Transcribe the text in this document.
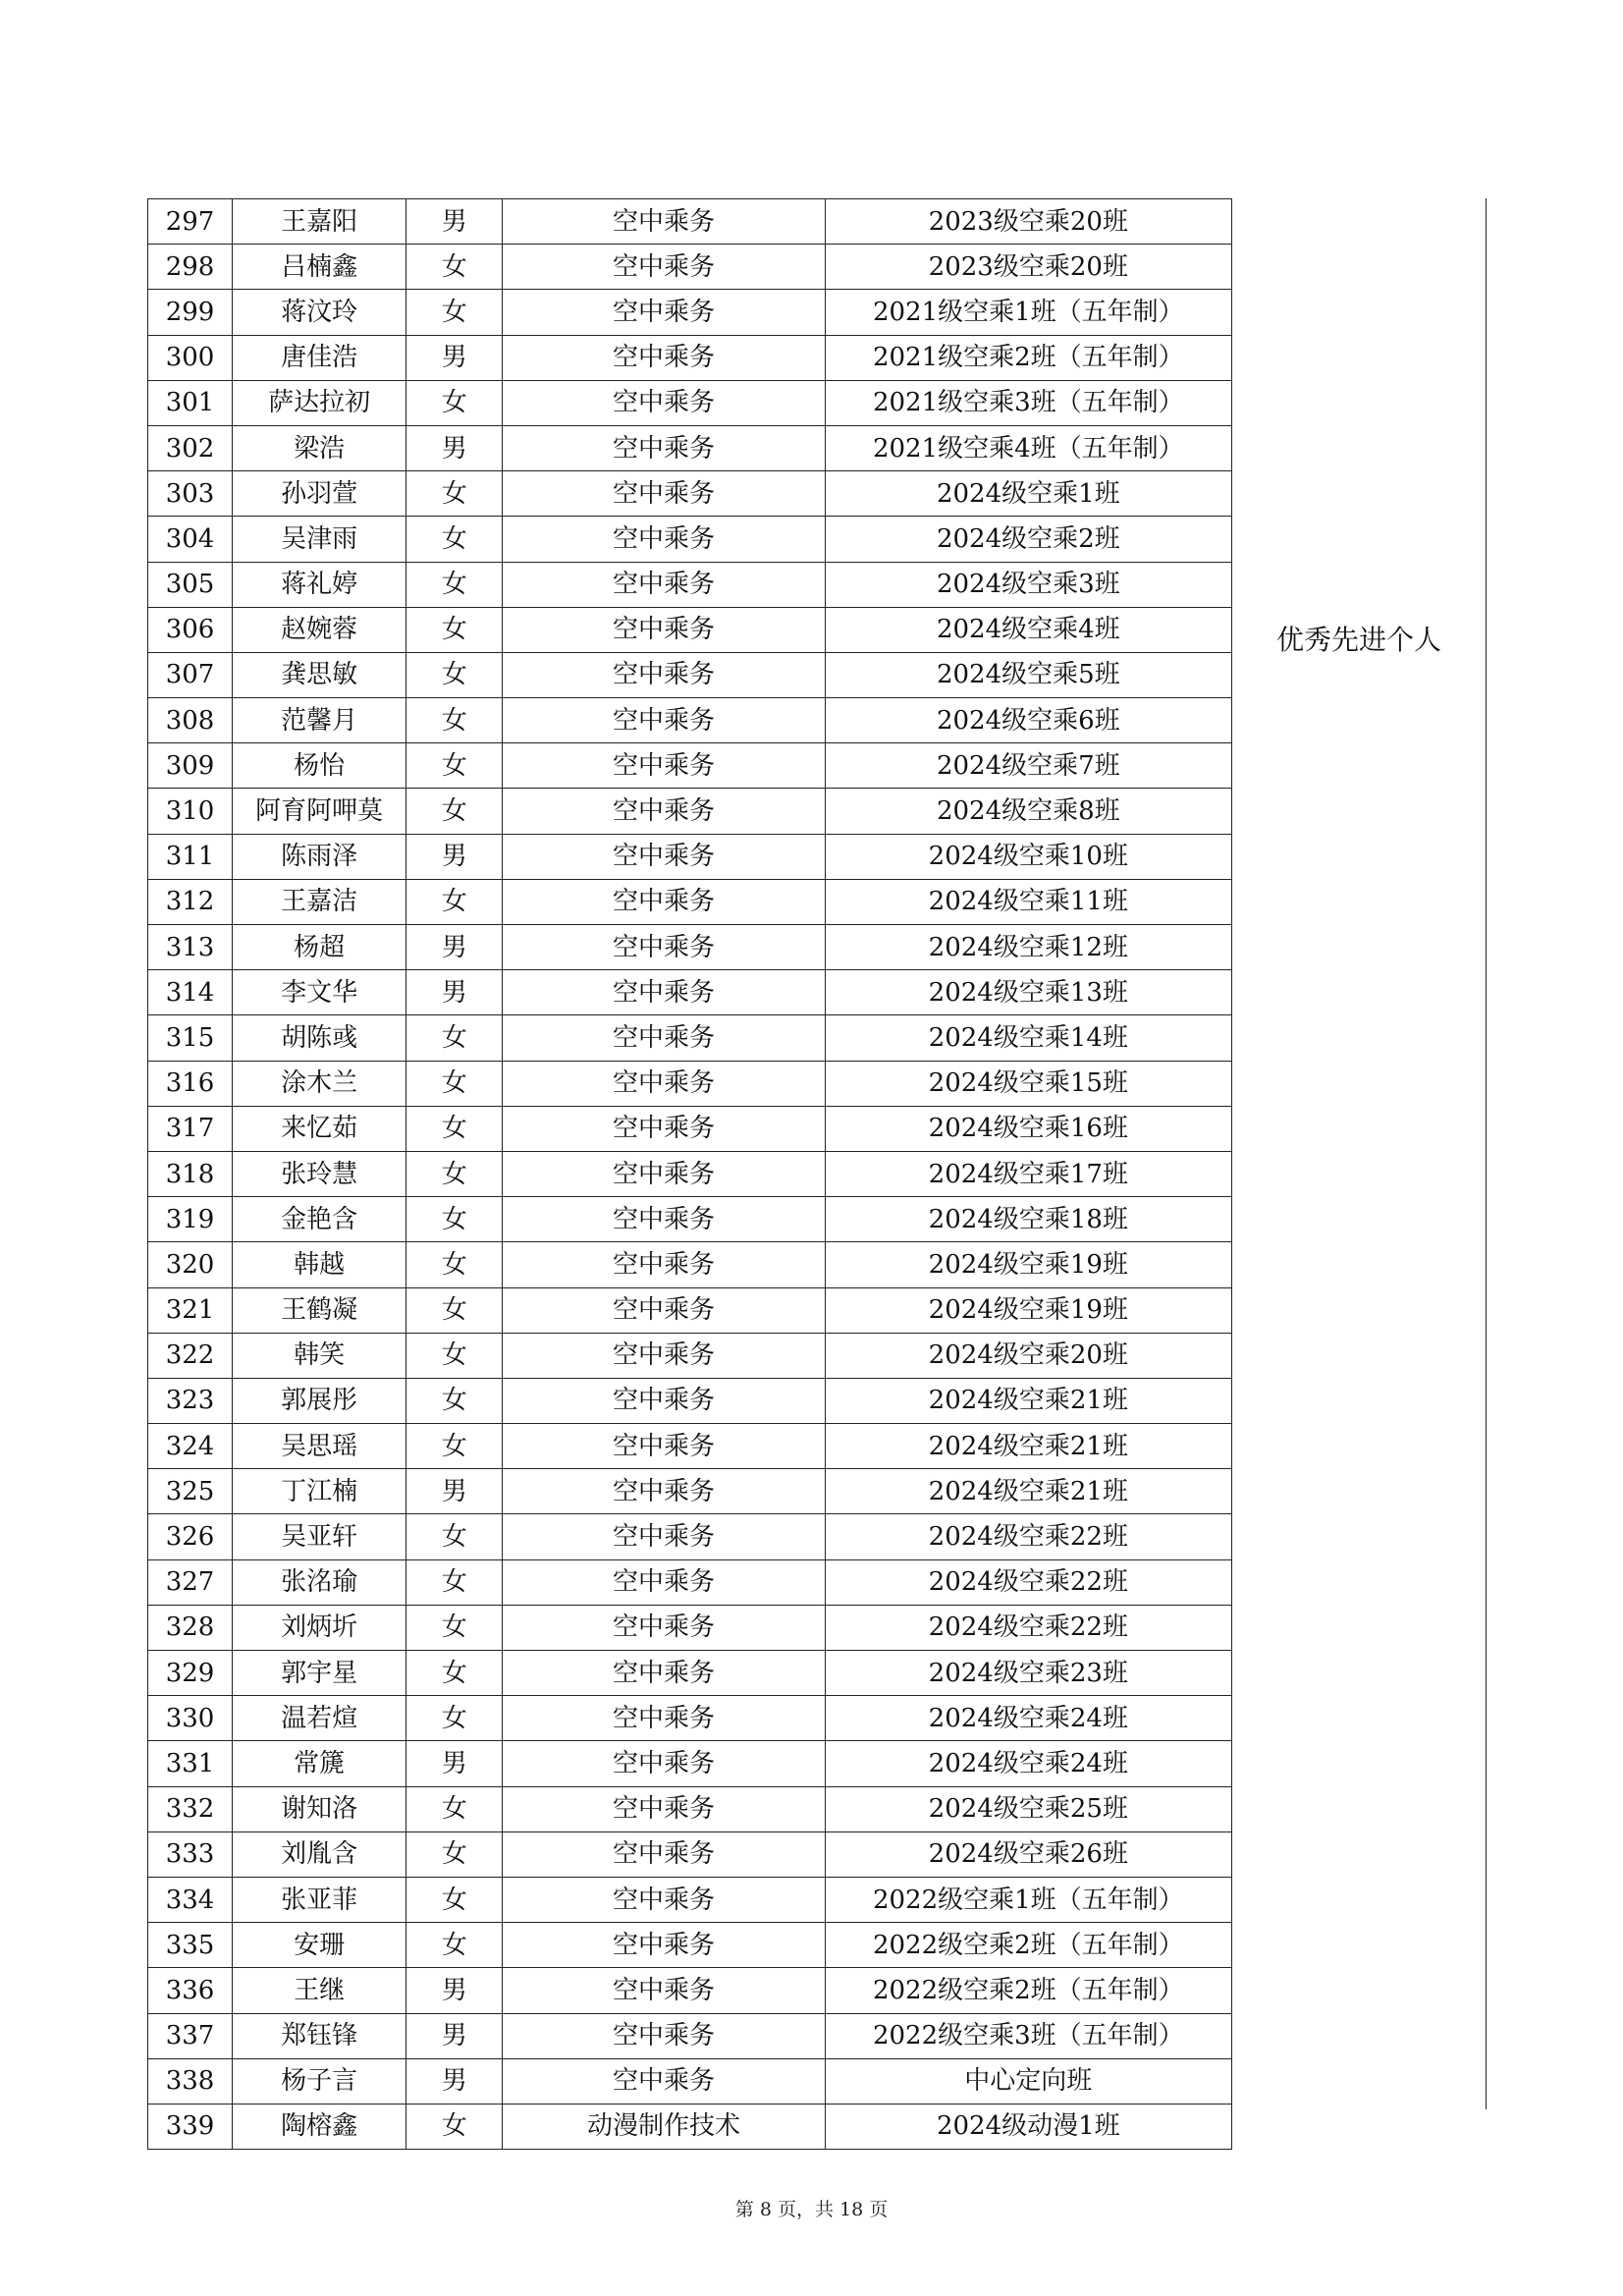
297	王嘉阳	男	空中乘务	2023级空乘20班
298	吕楠鑫	女	空中乘务	2023级空乘20班
299	蒋汶玲	女	空中乘务	2021级空乘1班（五年制）
300	唐佳浩	男	空中乘务	2021级空乘2班（五年制）
301	萨达拉初	女	空中乘务	2021级空乘3班（五年制）
302	梁浩	男	空中乘务	2021级空乘4班（五年制）
303	孙羽萱	女	空中乘务	2024级空乘1班
304	吴津雨	女	空中乘务	2024级空乘2班
305	蒋礼婷	女	空中乘务	2024级空乘3班
306	赵婉蓉	女	空中乘务	2024级空乘4班
307	龚思敏	女	空中乘务	2024级空乘5班
308	范馨月	女	空中乘务	2024级空乘6班
309	杨怡	女	空中乘务	2024级空乘7班
310	阿育阿呷莫	女	空中乘务	2024级空乘8班
311	陈雨泽	男	空中乘务	2024级空乘10班
312	王嘉洁	女	空中乘务	2024级空乘11班
313	杨超	男	空中乘务	2024级空乘12班
314	李文华	男	空中乘务	2024级空乘13班
315	胡陈彧	女	空中乘务	2024级空乘14班
316	涂木兰	女	空中乘务	2024级空乘15班
317	来忆茹	女	空中乘务	2024级空乘16班
318	张玲慧	女	空中乘务	2024级空乘17班
319	金艳含	女	空中乘务	2024级空乘18班
320	韩越	女	空中乘务	2024级空乘19班
321	王鹤凝	女	空中乘务	2024级空乘19班
322	韩笑	女	空中乘务	2024级空乘20班
323	郭展彤	女	空中乘务	2024级空乘21班
324	吴思瑶	女	空中乘务	2024级空乘21班
325	丁江楠	男	空中乘务	2024级空乘21班
326	吴亚轩	女	空中乘务	2024级空乘22班
327	张洺瑜	女	空中乘务	2024级空乘22班
328	刘炳圻	女	空中乘务	2024级空乘22班
329	郭宇星	女	空中乘务	2024级空乘23班
330	温若煊	女	空中乘务	2024级空乘24班
331	常篪	男	空中乘务	2024级空乘24班
332	谢知洛	女	空中乘务	2024级空乘25班
333	刘胤含	女	空中乘务	2024级空乘26班
334	张亚菲	女	空中乘务	2022级空乘1班（五年制）
335	安珊	女	空中乘务	2022级空乘2班（五年制）
336	王继	男	空中乘务	2022级空乘2班（五年制）
337	郑钰锋	男	空中乘务	2022级空乘3班（五年制）
338	杨子言	男	空中乘务	中心定向班
339	陶榕鑫	女	动漫制作技术	2024级动漫1班
优秀先进个人
第 8 页，共 18 页
